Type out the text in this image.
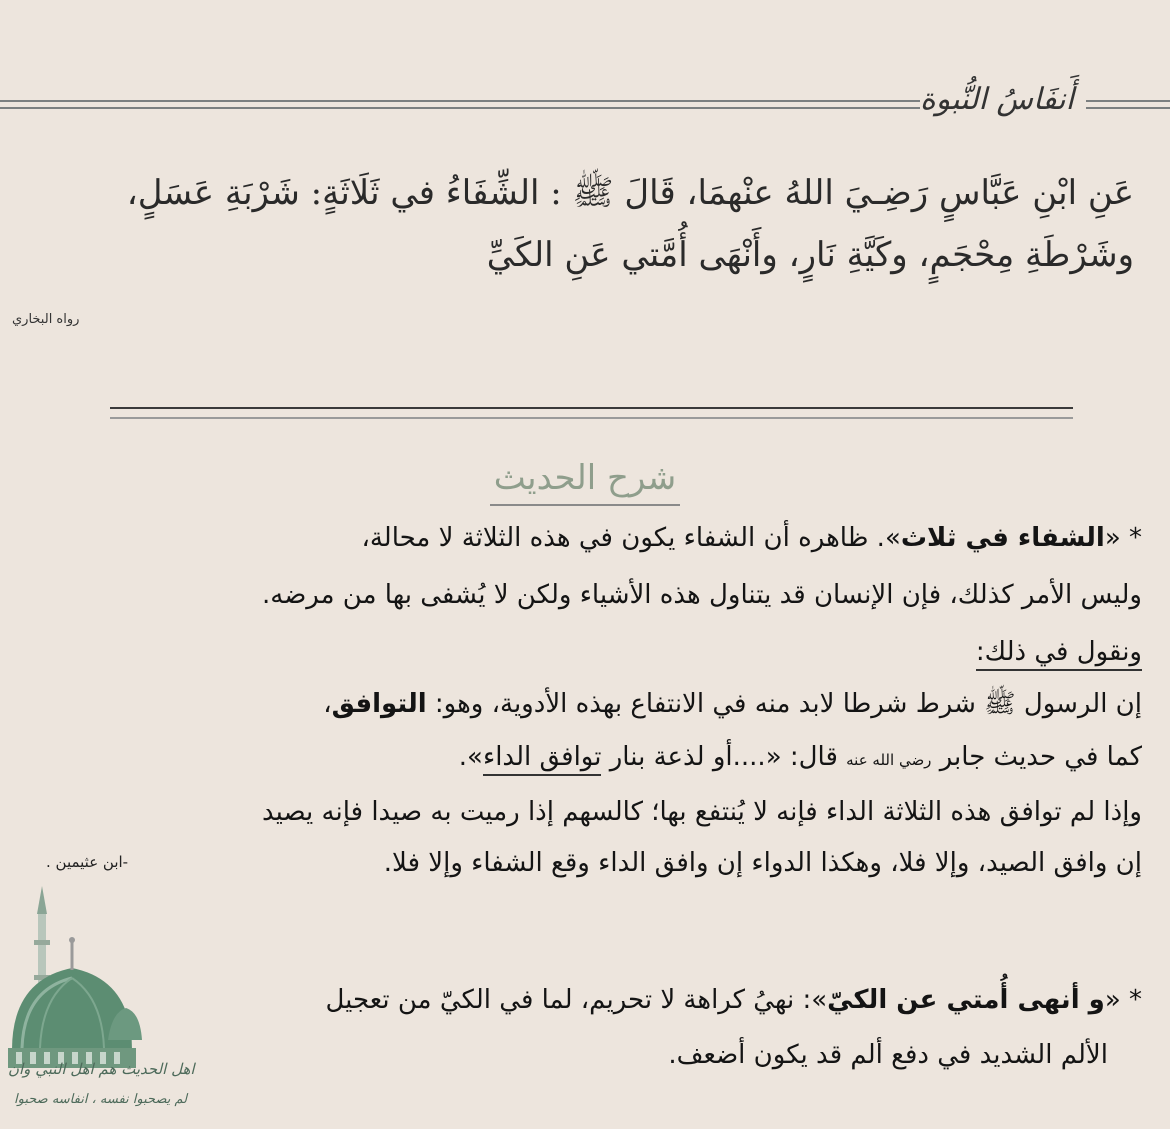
أَنفَاسُ النُّبوة
عَنِ ابْنِ عَبَّاسٍ رَضِـيَ اللهُ عنْهمَا، قَالَ ﷺ : الشِّفَاءُ في ثَلَاثَةٍ: شَرْبَةِ عَسَلٍ،
وشَرْطَةِ مِحْجَمٍ، وكَيَّةِ نَارٍ، وأَنْهَى أُمَّتي عَنِ الكَيِّ
رواه البخاري
شرح الحديث
* «الشفاء في ثلاث». ظاهره أن الشفاء يكون في هذه الثلاثة لا محالة،
وليس الأمر كذلك، فإن الإنسان قد يتناول هذه الأشياء ولكن لا يُشفى بها من مرضه.
ونقول في ذلك:
إن الرسول ﷺ شرط شرطا لابد منه في الانتفاع بهذه الأدوية، وهو: التوافق،
كما في حديث جابر رضي الله عنه قال: «....أو لذعة بنار توافق الداء».
وإذا لم توافق هذه الثلاثة الداء فإنه لا يُنتفع بها؛ كالسهم إذا رميت به صيدا فإنه يصيد
إن وافق الصيد، وإلا فلا، وهكذا الدواء إن وافق الداء وقع الشفاء وإلا فلا.
-ابن عثيمين .
* «و أنهى أُمتي عن الكيّ»: نهيُ كراهة لا تحريم، لما في الكيّ من تعجيل
الألم الشديد في دفع ألم قد يكون أضعف.
اهل الحديث هم اهل النبي وان
لم يصحبوا نفسه ، انفاسه صحبوا
